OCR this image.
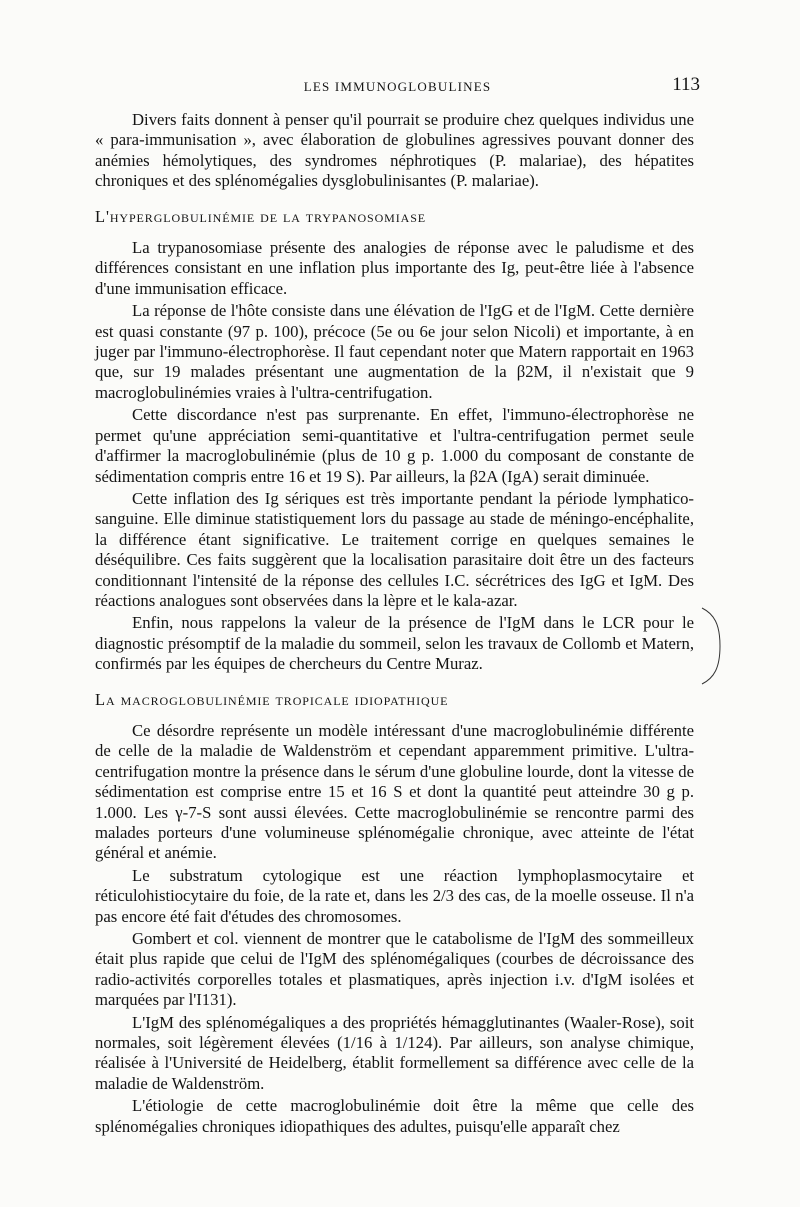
LES IMMUNOGLOBULINES	113

Divers faits donnent à penser qu'il pourrait se produire chez quelques individus une « para-immunisation », avec élaboration de globulines agressives pouvant donner des anémies hémolytiques, des syndromes néphrotiques (P. malariae), des hépatites chroniques et des splénomégalies dysglobulinisantes (P. malariae).

L'hyperglobulinémie de la trypanosomiase

La trypanosomiase présente des analogies de réponse avec le paludisme et des différences consistant en une inflation plus importante des Ig, peut-être liée à l'absence d'une immunisation efficace.

La réponse de l'hôte consiste dans une élévation de l'IgG et de l'IgM. Cette dernière est quasi constante (97 p. 100), précoce (5e ou 6e jour selon Nicoli) et importante, à en juger par l'immuno-électrophorèse. Il faut cependant noter que Matern rapportait en 1963 que, sur 19 malades présentant une augmentation de la β2M, il n'existait que 9 macroglobulinémies vraies à l'ultra-centrifugation.

Cette discordance n'est pas surprenante. En effet, l'immuno-électrophorèse ne permet qu'une appréciation semi-quantitative et l'ultra-centrifugation permet seule d'affirmer la macroglobulinémie (plus de 10 g p. 1.000 du composant de constante de sédimentation compris entre 16 et 19 S). Par ailleurs, la β2A (IgA) serait diminuée.

Cette inflation des Ig sériques est très importante pendant la période lymphatico-sanguine. Elle diminue statistiquement lors du passage au stade de méningo-encéphalite, la différence étant significative. Le traitement corrige en quelques semaines le déséquilibre. Ces faits suggèrent que la localisation parasitaire doit être un des facteurs conditionnant l'intensité de la réponse des cellules I.C. sécrétrices des IgG et IgM. Des réactions analogues sont observées dans la lèpre et le kala-azar.

Enfin, nous rappelons la valeur de la présence de l'IgM dans le LCR pour le diagnostic présomptif de la maladie du sommeil, selon les travaux de Collomb et Matern, confirmés par les équipes de chercheurs du Centre Muraz.

La macroglobulinémie tropicale idiopathique

Ce désordre représente un modèle intéressant d'une macroglobulinémie différente de celle de la maladie de Waldenström et cependant apparemment primitive. L'ultra-centrifugation montre la présence dans le sérum d'une globuline lourde, dont la vitesse de sédimentation est comprise entre 15 et 16 S et dont la quantité peut atteindre 30 g p. 1.000. Les γ-7-S sont aussi élevées. Cette macroglobulinémie se rencontre parmi des malades porteurs d'une volumineuse splénomégalie chronique, avec atteinte de l'état général et anémie.

Le substratum cytologique est une réaction lymphoplasmocytaire et réticulohistiocytaire du foie, de la rate et, dans les 2/3 des cas, de la moelle osseuse. Il n'a pas encore été fait d'études des chromosomes.

Gombert et col. viennent de montrer que le catabolisme de l'IgM des sommeilleux était plus rapide que celui de l'IgM des splénomégaliques (courbes de décroissance des radio-activités corporelles totales et plasmatiques, après injection i.v. d'IgM isolées et marquées par l'I131).

L'IgM des splénomégaliques a des propriétés hémagglutinantes (Waaler-Rose), soit normales, soit légèrement élevées (1/16 à 1/124). Par ailleurs, son analyse chimique, réalisée à l'Université de Heidelberg, établit formellement sa différence avec celle de la maladie de Waldenström.

L'étiologie de cette macroglobulinémie doit être la même que celle des splénomégalies chroniques idiopathiques des adultes, puisqu'elle apparaît chez
